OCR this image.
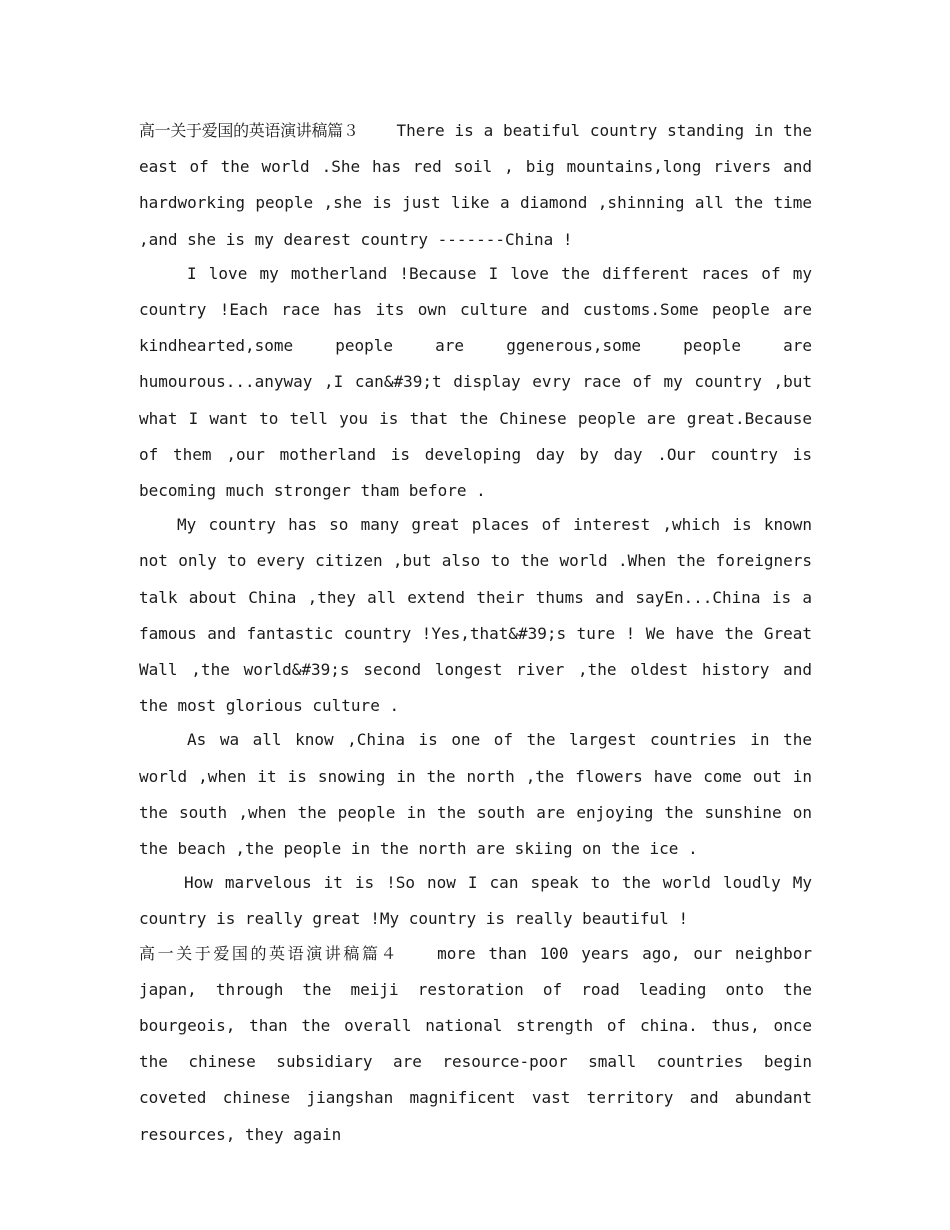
高一关于爱国的英语演讲稿篇３ There is a beatiful country standing in the east of the world .She has red soil , big mountains,long rivers and hardworking people ,she is just like a diamond ,shinning all the time ,and she is my dearest country -------China !

I love my motherland !Because I love the different races of my country !Each race has its own culture and customs.Some people are kindhearted,some people are ggenerous,some people are humourous...anyway ,I can&#39;t display evry race of my country ,but what I want to tell you is that the Chinese people are great.Because of them ,our motherland is developing day by day .Our country is becoming much stronger tham before .

My country has so many great places of interest ,which is known not only to every citizen ,but also to the world .When the foreigners talk about China ,they all extend their thums and sayEn...China is a famous and fantastic country !Yes,that&#39;s ture ! We have the Great Wall ,the world&#39;s second longest river ,the oldest history and the most glorious culture .

As wa all know ,China is one of the largest countries in the world ,when it is snowing in the north ,the flowers have come out in the south ,when the people in the south are enjoying the sunshine on the beach ,the people in the north are skiing on the ice .

How marvelous it is !So now I can speak to the world loudly My country is really great !My country is really beautiful !

高一关于爱国的英语演讲稿篇４ more than 100 years ago, our neighbor japan, through the meiji restoration of road leading onto the bourgeois, than the overall national strength of china. thus, once the chinese subsidiary are resource-poor small countries begin coveted chinese jiangshan magnificent vast territory and abundant resources, they again
